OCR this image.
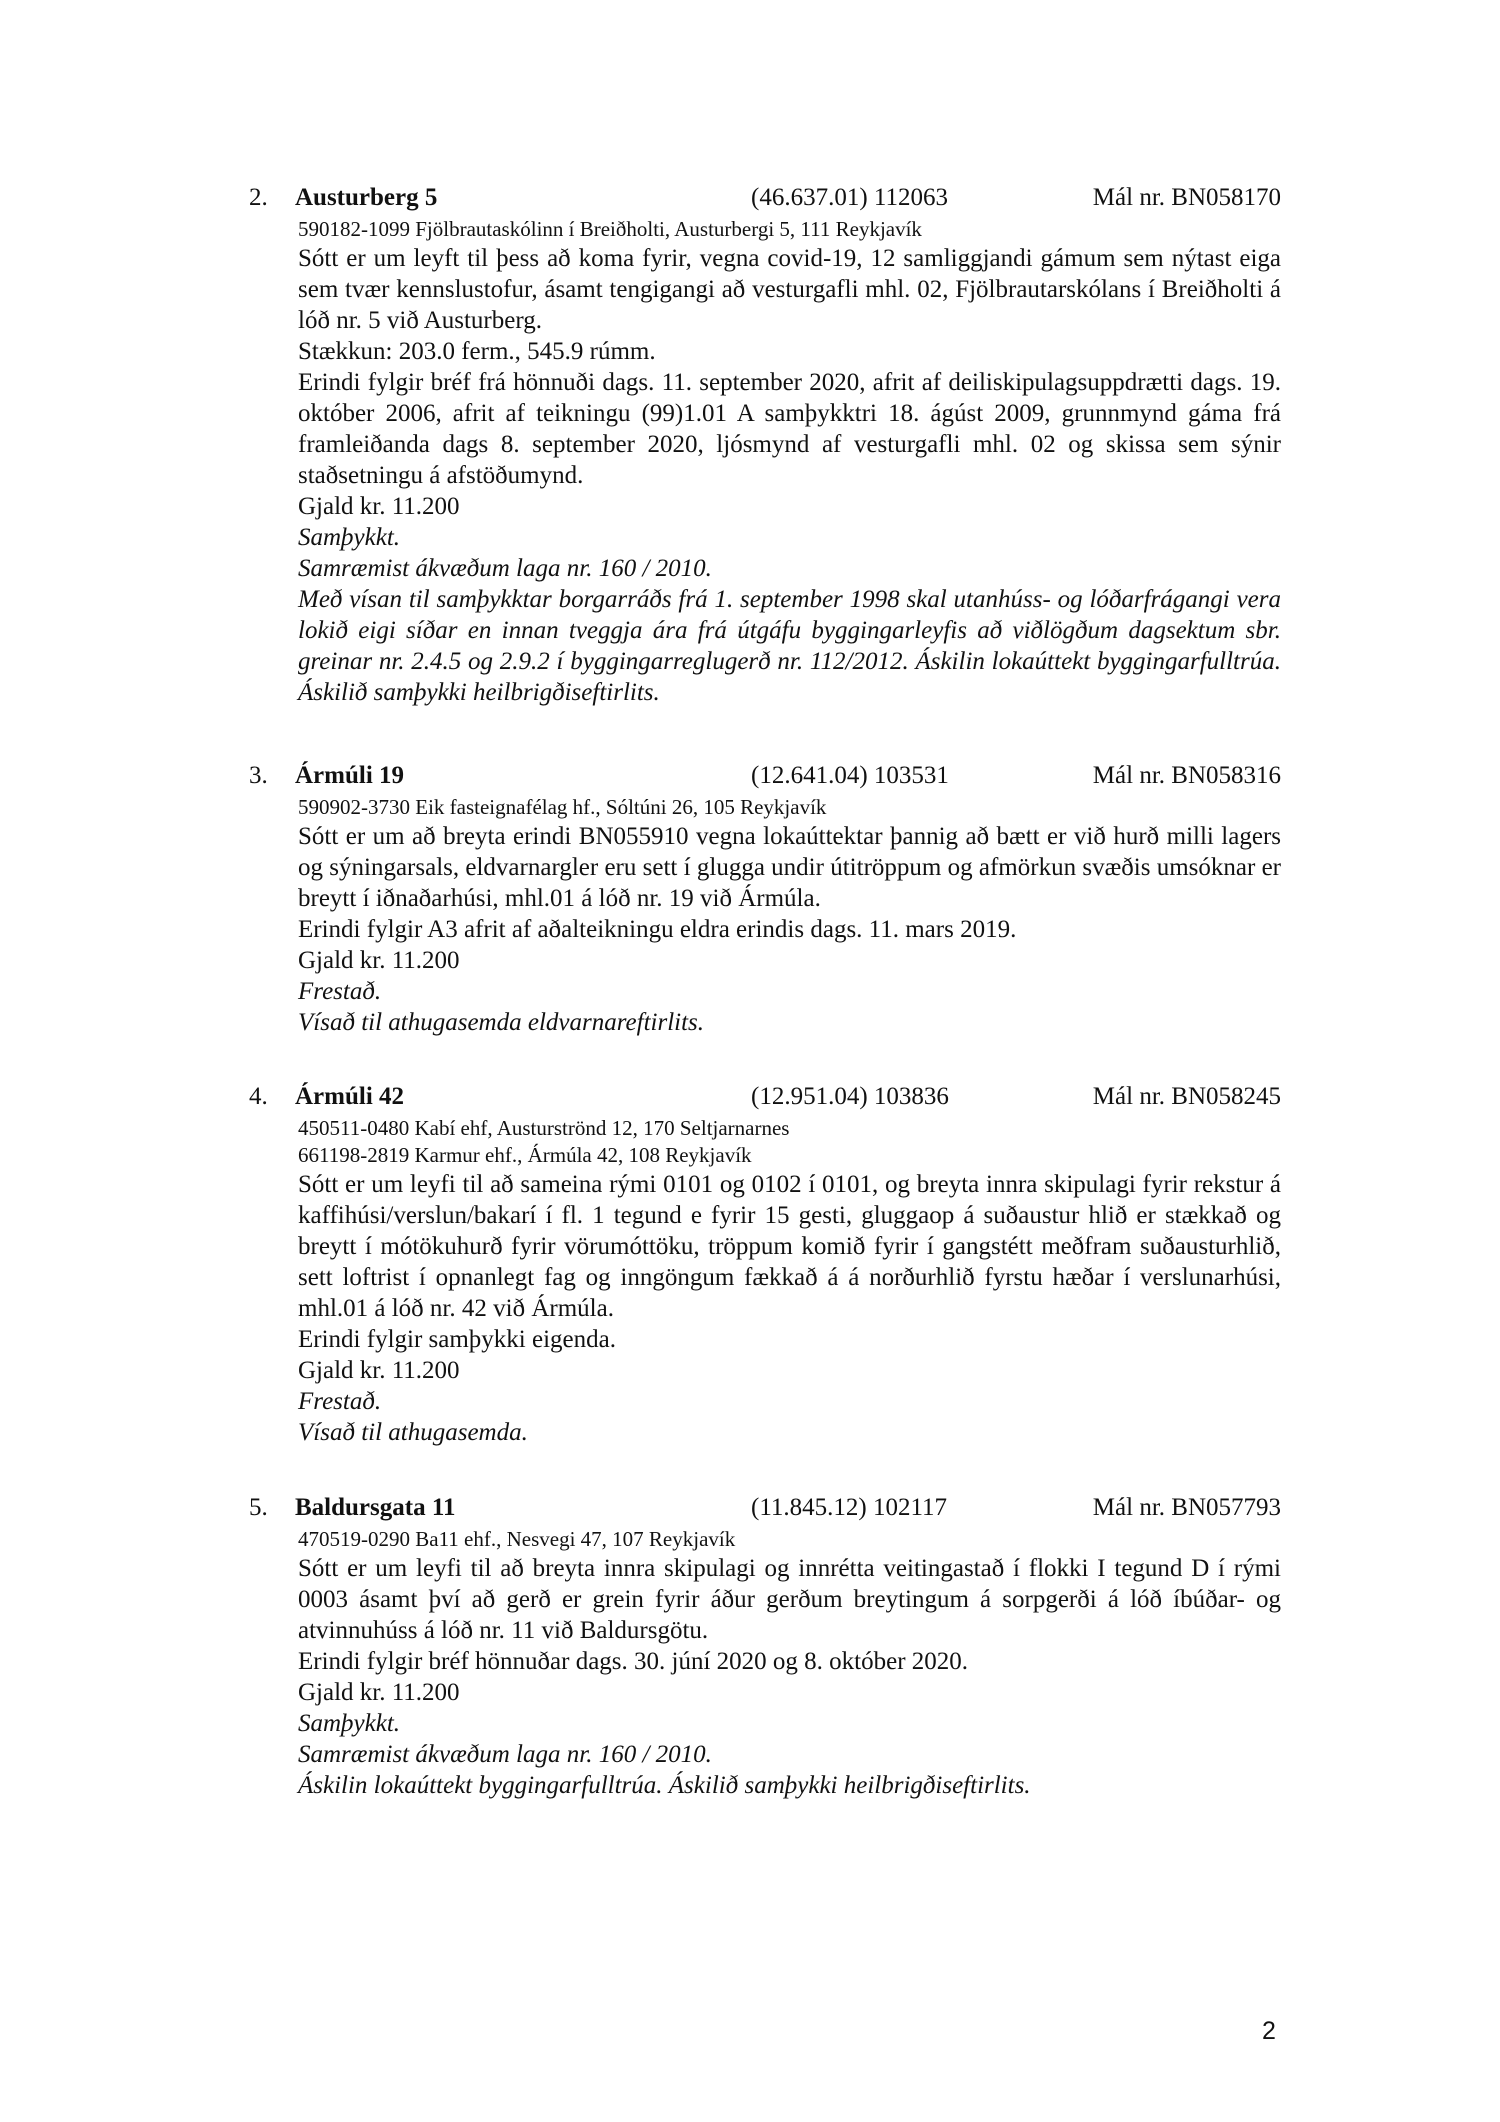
2. Austurberg 5	(46.637.01) 112063	Mál nr. BN058170
590182-1099 Fjölbrautaskólinn í Breiðholti, Austurbergi 5, 111 Reykjavík
Sótt er um leyft til þess að koma fyrir, vegna covid-19, 12 samliggjandi gámum sem nýtast eiga sem tvær kennslustofur, ásamt tengigangi að vesturgafli mhl. 02, Fjölbrautarskólans í Breiðholti á lóð nr. 5 við Austurberg.
Stækkun: 203.0 ferm., 545.9 rúmm.
Erindi fylgir bréf frá hönnuði dags. 11. september 2020, afrit af deiliskipulagsuppdrætti dags. 19. október 2006, afrit af teikningu (99)1.01 A samþykktri 18. ágúst 2009, grunnmynd gáma frá framleiðanda dags 8. september 2020, ljósmynd af vesturgafli mhl. 02 og skissa sem sýnir staðsetningu á afstöðumynd.
Gjald kr. 11.200
Samþykkt.
Samræmist ákvæðum laga nr. 160 / 2010.
Með vísan til samþykktar borgarráðs frá 1. september 1998 skal utanhúss- og lóðarfrágangi vera lokið eigi síðar en innan tveggja ára frá útgáfu byggingarleyfis að viðlögðum dagsektum sbr. greinar nr. 2.4.5 og 2.9.2 í byggingarreglugerð nr. 112/2012. Áskilin lokaúttekt byggingarfulltrúa. Áskilið samþykki heilbrigðiseftirlits.
3. Ármúli 19	(12.641.04) 103531	Mál nr. BN058316
590902-3730 Eik fasteignafélag hf., Sóltúni 26, 105 Reykjavík
Sótt er um að breyta erindi BN055910 vegna lokaúttektar þannig að bætt er við hurð milli lagers og sýningarsals, eldvarnargler eru sett í glugga undir útitröppum og afmörkun svæðis umsóknar er breytt í iðnaðarhúsi, mhl.01 á lóð nr. 19 við Ármúla.
Erindi fylgir A3 afrit af aðalteikningu eldra erindis dags. 11. mars 2019.
Gjald kr. 11.200
Frestað.
Vísað til athugasemda eldvarnareftirlits.
4. Ármúli 42	(12.951.04) 103836	Mál nr. BN058245
450511-0480 Kabí ehf, Austurströnd 12, 170 Seltjarnarnes
661198-2819 Karmur ehf., Ármúla 42, 108 Reykjavík
Sótt er um leyfi til að sameina rými 0101 og 0102 í 0101, og breyta innra skipulagi fyrir rekstur á kaffihúsi/verslun/bakarí í fl. 1 tegund e fyrir 15 gesti, gluggaop á suðaustur hlið er stækkað og breytt í mótökuhurð fyrir vörumóttöku, tröppum komið fyrir í gangstétt meðfram suðausturhlið, sett loftrist í opnanlegt fag og inngöngum fækkað á á norðurhlið fyrstu hæðar í verslunarhúsi, mhl.01 á lóð nr. 42 við Ármúla.
Erindi fylgir samþykki eigenda.
Gjald kr. 11.200
Frestað.
Vísað til athugasemda.
5. Baldursgata 11	(11.845.12) 102117	Mál nr. BN057793
470519-0290 Ba11 ehf., Nesvegi 47, 107 Reykjavík
Sótt er um leyfi til að breyta innra skipulagi og innrétta veitingastað í flokki I tegund D í rými 0003 ásamt því að gerð er grein fyrir áður gerðum breytingum á sorpgerði á lóð íbúðar- og atvinnuhúss á lóð nr. 11 við Baldursgötu.
Erindi fylgir bréf hönnuðar dags. 30. júní 2020 og 8. október 2020.
Gjald kr. 11.200
Samþykkt.
Samræmist ákvæðum laga nr. 160 / 2010.
Áskilin lokaúttekt byggingarfulltrúa. Áskilið samþykki heilbrigðiseftirlits.
2
